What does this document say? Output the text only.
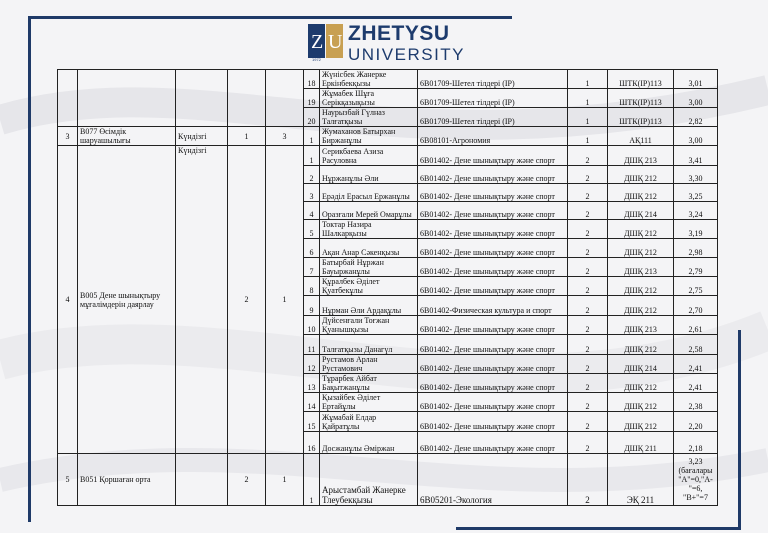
Z U
1972
ZHETYSU
UNIVERSITY
					18	Жүнісбек Жанерке Еркінбекқызы	6В01709-Шетел тілдері (IP)	1	ШТК(IP)113	3,01
					19	Жұмабек Шұға Серікқазықызы	6В01709-Шетел тілдері (IP)	1	ШТК(IP)113	3,00
					20	Наурызбай Гүлназ Талғатқызы	6В01709-Шетел тілдері (IP)	1	ШТК(IP)113	2,82
3	В077 Өсімдік шаруашылығы	Күндізгі	1	3	1	Жумаханов Батырхан Биржанұлы	6В08101-Агрономия	1	АҚ111	3,00
4	В005 Дене шынықтыру мұғалімдерін даярлау	Күндізгі	2	1	1	Серикбаева Азиза Расуловна	6В01402- Дене шынықтыру және спорт	2	ДШҚ 213	3,41
					2	Нұржанұлы Әли	6В01402- Дене шынықтыру және спорт	2	ДШҚ 212	3,30
					3	Ерәділ Ерасыл Ержанұлы	6В01402- Дене шынықтыру және спорт	2	ДШҚ 212	3,25
					4	Оразғали Мерей Омарұлы	6В01402- Дене шынықтыру және спорт	2	ДШҚ 214	3,24
					5	Токтар Назира Шалкарқызы	6В01402- Дене шынықтыру және спорт	2	ДШҚ 212	3,19
					6	Ақан Анар Сәкенқызы	6В01402- Дене шынықтыру және спорт	2	ДШҚ 212	2,98
					7	Батырбай Нұржан Бауыржанұлы	6В01402- Дене шынықтыру және спорт	2	ДШҚ 213	2,79
					8	Құралбек Әділет Қуатбекұлы	6В01402- Дене шынықтыру және спорт	2	ДШҚ 212	2,75
					9	Нұрман Әли Ардақұлы	6В01402-Физическая культура и спорт	2	ДШҚ 212	2,70
					10	Дүйсенғали Тоғжан Қуанышқызы	6В01402- Дене шынықтыру және спорт	2	ДШҚ 213	2,61
					11	Талғатқызы Данагүл	6В01402- Дене шынықтыру және спорт	2	ДШҚ 212	2,58
					12	Рустамов Арлан Рустамович	6В01402- Дене шынықтыру және спорт	2	ДШҚ 214	2,41
					13	Тұрарбек Айбат Бақытжанұлы	6В01402- Дене шынықтыру және спорт	2	ДШҚ 212	2,41
					14	Қызайбек Әділет Ертайұлы	6В01402- Дене шынықтыру және спорт	2	ДШҚ 212	2,38
					15	Жұмабай Елдар Қайратұлы	6В01402- Дене шынықтыру және спорт	2	ДШҚ 212	2,20
					16	Досжанұлы Әміржан	6В01402- Дене шынықтыру және спорт	2	ДШҚ 211	2,18
5	В051 Қоршаған орта		2	1	1	Арыстамбай Жанерке Тлеубекқызы	6В05201-Экология	2	ЭҚ 211	3,23 (бағалары "A"=0,"A-"=6, "B+"=7
